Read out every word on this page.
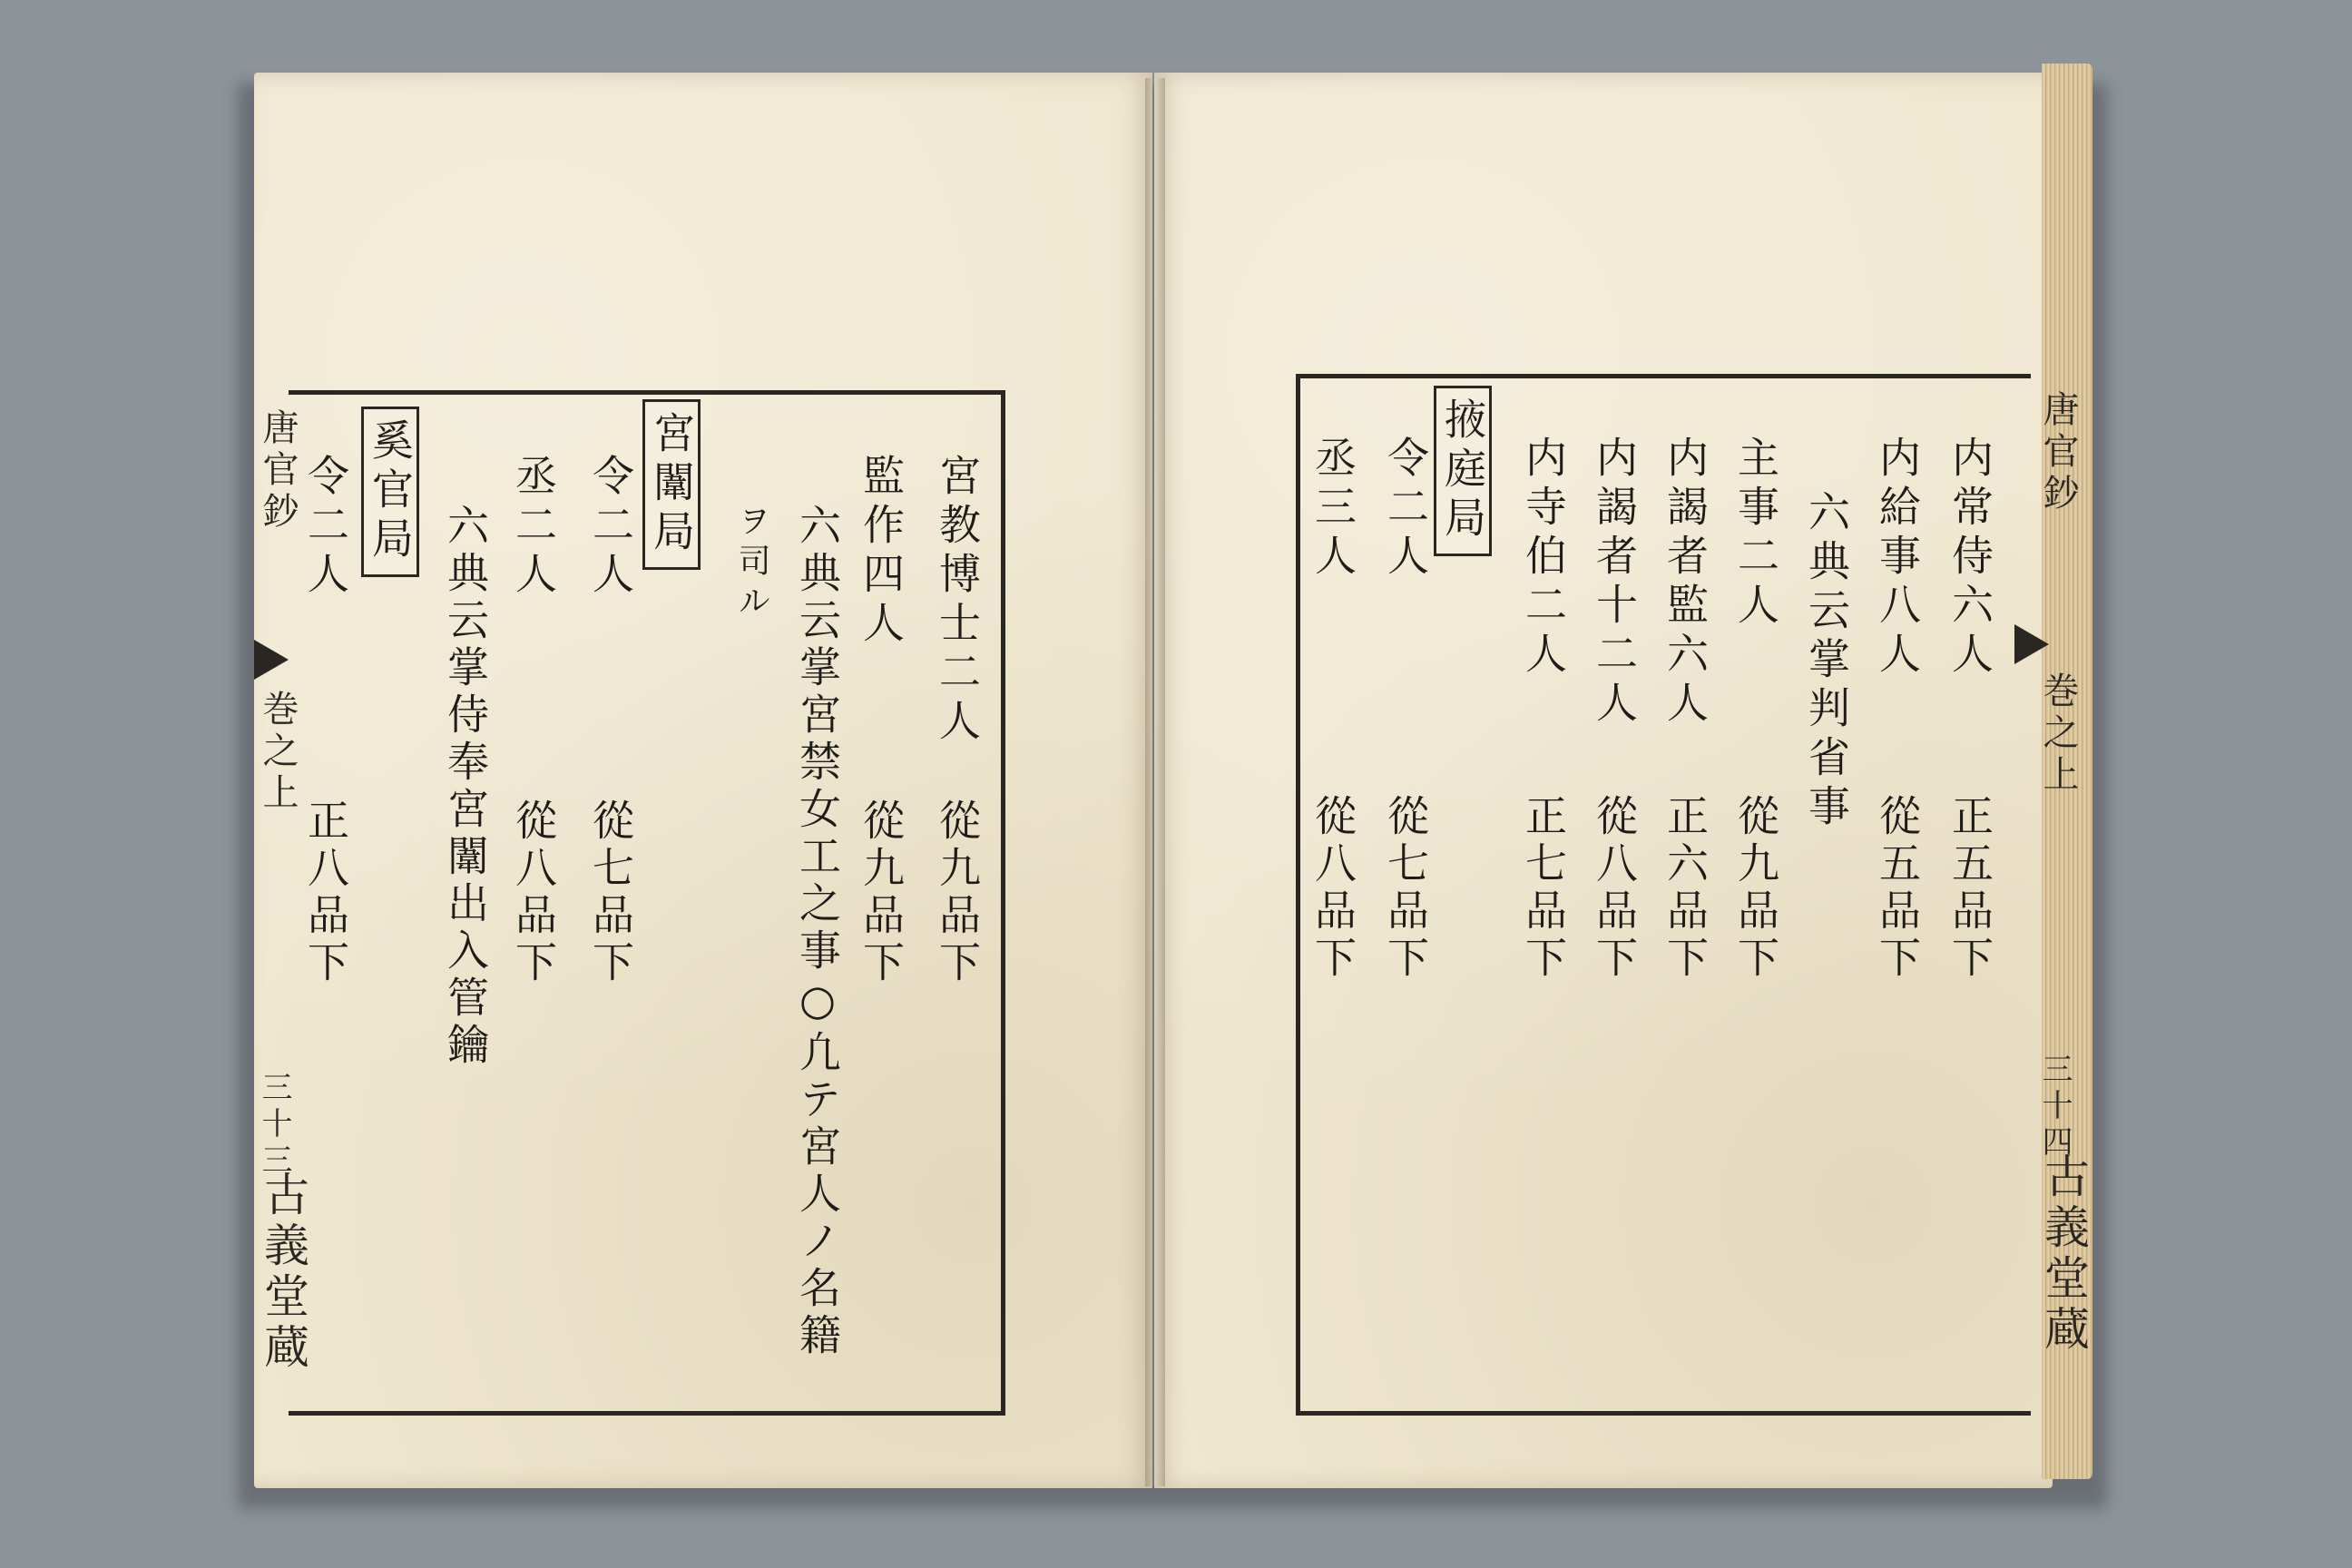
唐官鈔
巻之上
三十三
古義堂蔵
宮教博士二人
從九品下
監作四人
從九品下
六典云掌宮禁女工之事○凢テ宮人ノ名籍
ヲ司ル
宮闈局
令二人
從七品下
丞二人
從八品下
六典云掌侍奉宮闈出入管鑰
奚官局
令二人
正八品下
唐官鈔
巻之上
三十四
古義堂蔵
内常侍六人
正五品下
内給事八人
從五品下
六典云掌判省事
主事二人
從九品下
内謁者監六人
正六品下
内謁者十二人
從八品下
内寺伯二人
正七品下
掖庭局
令二人
從七品下
丞三人
從八品下
